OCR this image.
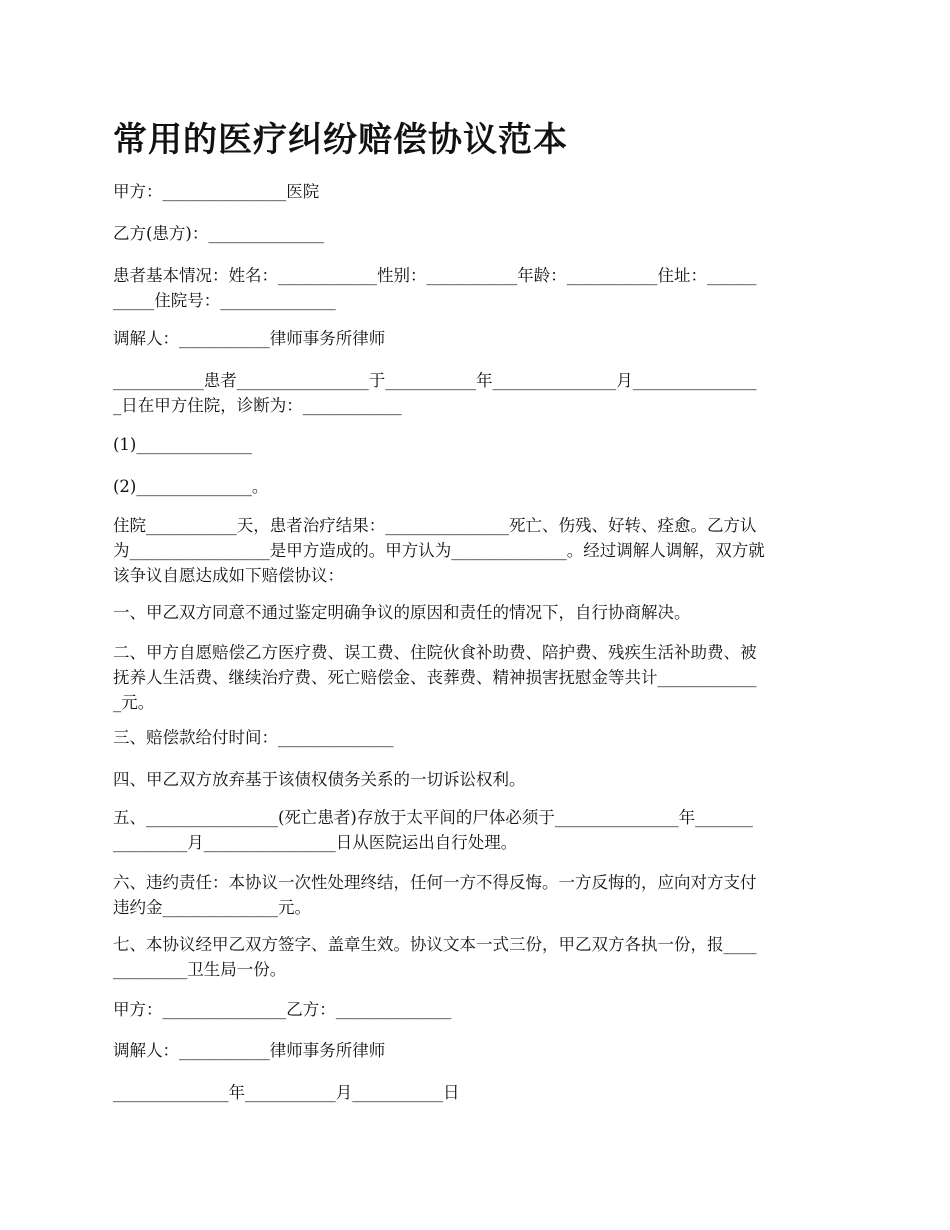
常用的医疗纠纷赔偿协议范本
甲方：_______________医院
乙方(患方)：______________
患者基本情况：姓名：____________性别：___________年龄：___________住址：______
_____住院号：______________
调解人：___________律师事务所律师
___________患者________________于___________年_______________月_______________
_日在甲方住院，诊断为：____________
(1)______________
(2)______________。
住院___________天，患者治疗结果：_______________死亡、伤残、好转、痊愈。乙方认
为_________________是甲方造成的。甲方认为______________。经过调解人调解，双方就
该争议自愿达成如下赔偿协议：
一、甲乙双方同意不通过鉴定明确争议的原因和责任的情况下，自行协商解决。
二、甲方自愿赔偿乙方医疗费、误工费、住院伙食补助费、陪护费、残疾生活补助费、被
抚养人生活费、继续治疗费、死亡赔偿金、丧葬费、精神损害抚慰金等共计____________
_元。
三、赔偿款给付时间：______________
四、甲乙双方放弃基于该债权债务关系的一切诉讼权利。
五、________________(死亡患者)存放于太平间的尸体必须于_______________年_______
_________月________________日从医院运出自行处理。
六、违约责任：本协议一次性处理终结，任何一方不得反悔。一方反悔的，应向对方支付
违约金______________元。
七、本协议经甲乙双方签字、盖章生效。协议文本一式三份，甲乙双方各执一份，报____
_________卫生局一份。
甲方：_______________乙方：______________
调解人：___________律师事务所律师
______________年___________月___________日
